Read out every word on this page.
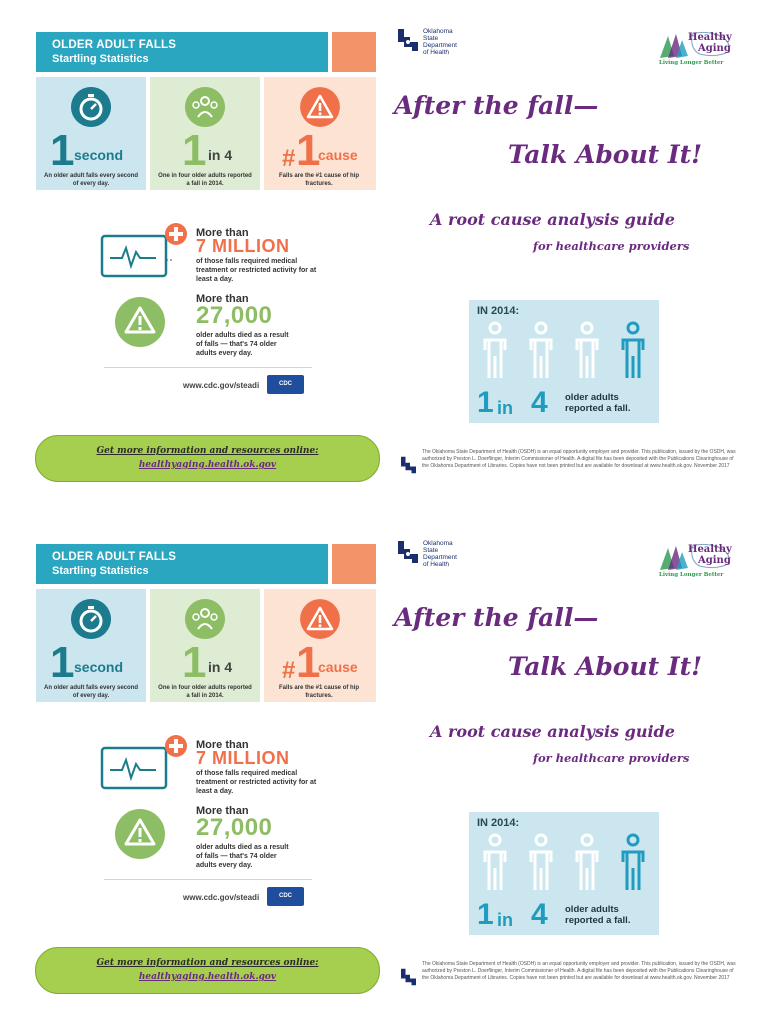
OLDER ADULT FALLS
Startling Statistics
1 second
An older adult falls every second of every day.
1 in 4
One in four older adults reported a fall in 2014.
# 1
cause
Falls are the #1 cause of hip fractures.
More than
7 MILLION
of those falls required medical treatment or restricted activity for at least a day.
More than
27,000
older adults died as a result of falls — that's 74 older adults every day.
www.cdc.gov/steadi	CDC
Get more information and resources online:
healthyaging.health.ok.gov
Oklahoma
State
Department
of Health
Healthy
Aging
Living Longer Better
After the fall—
Talk About It!
A root cause analysis guide
for healthcare providers
IN 2014:
1 in 4 older adults reported a fall.
The Oklahoma State Department of Health (OSDH) is an equal opportunity employer and provider. This publication, issued by the OSDH, was authorized by Preston L. Doerflinger, Interim Commissioner of Health. A digital file has been deposited with the Publications Clearinghouse of the Oklahoma Department of Libraries. Copies have not been printed but are available for download at www.health.ok.gov. November 2017
OLDER ADULT FALLS
Startling Statistics
1 second
An older adult falls every second of every day.
1 in 4
One in four older adults reported a fall in 2014.
# 1
cause
Falls are the #1 cause of hip fractures.
More than
7 MILLION
of those falls required medical treatment or restricted activity for at least a day.
More than
27,000
older adults died as a result of falls — that's 74 older adults every day.
www.cdc.gov/steadi	CDC
Get more information and resources online:
healthyaging.health.ok.gov
Oklahoma
State
Department
of Health
Healthy
Aging
Living Longer Better
After the fall—
Talk About It!
A root cause analysis guide
for healthcare providers
IN 2014:
1 in 4 older adults reported a fall.
The Oklahoma State Department of Health (OSDH) is an equal opportunity employer and provider. This publication, issued by the OSDH, was authorized by Preston L. Doerflinger, Interim Commissioner of Health. A digital file has been deposited with the Publications Clearinghouse of the Oklahoma Department of Libraries. Copies have not been printed but are available for download at www.health.ok.gov. November 2017
